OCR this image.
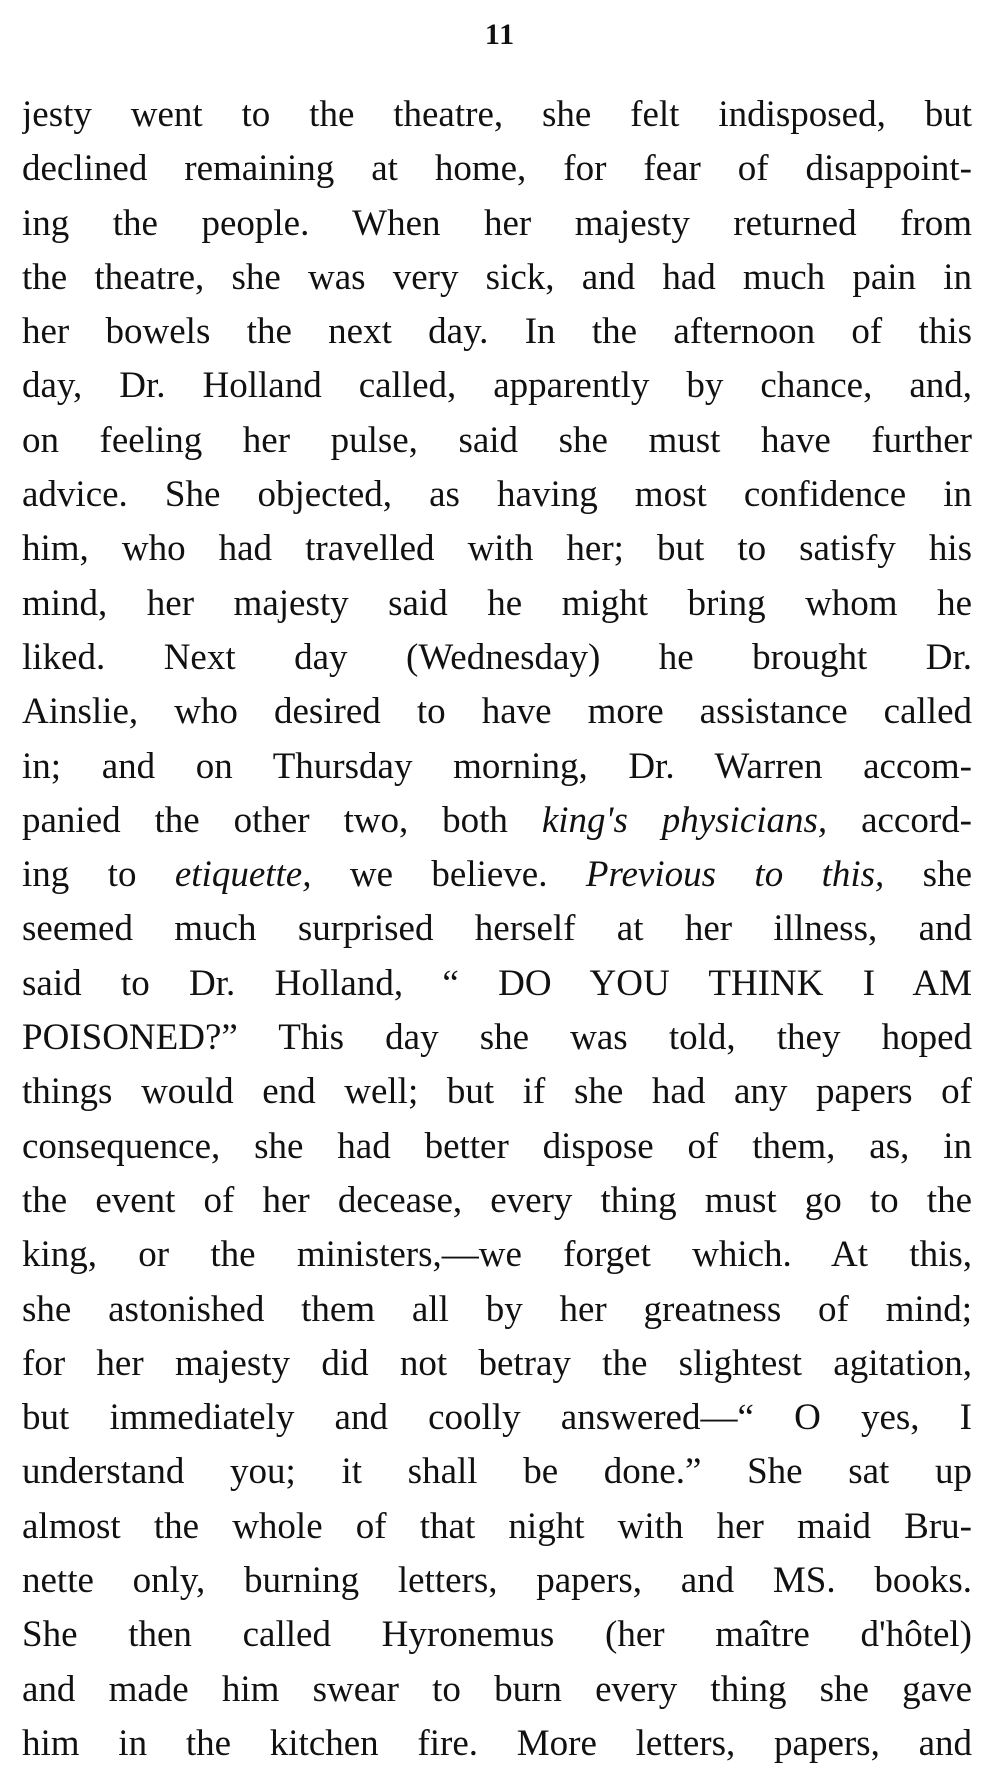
11
jesty went to the theatre, she felt indisposed, but
declined remaining at home, for fear of disappoint-
ing the people. When her majesty returned from
the theatre, she was very sick, and had much pain in
her bowels the next day. In the afternoon of this
day, Dr. Holland called, apparently by chance, and,
on feeling her pulse, said she must have further
advice. She objected, as having most confidence in
him, who had travelled with her; but to satisfy his
mind, her majesty said he might bring whom he
liked. Next day (Wednesday) he brought Dr.
Ainslie, who desired to have more assistance called
in; and on Thursday morning, Dr. Warren accom-
panied the other two, both king's physicians, accord-
ing to etiquette, we believe. Previous to this, she
seemed much surprised herself at her illness, and
said to Dr. Holland, “ DO YOU THINK I AM
POISONED?” This day she was told, they hoped
things would end well; but if she had any papers of
consequence, she had better dispose of them, as, in
the event of her decease, every thing must go to the
king, or the ministers,—we forget which. At this,
she astonished them all by her greatness of mind;
for her majesty did not betray the slightest agitation,
but immediately and coolly answered—“ O yes, I
understand you; it shall be done.” She sat up
almost the whole of that night with her maid Bru-
nette only, burning letters, papers, and MS. books.
She then called Hyronemus (her maître d'hôtel)
and made him swear to burn every thing she gave
him in the kitchen fire. More letters, papers, and
